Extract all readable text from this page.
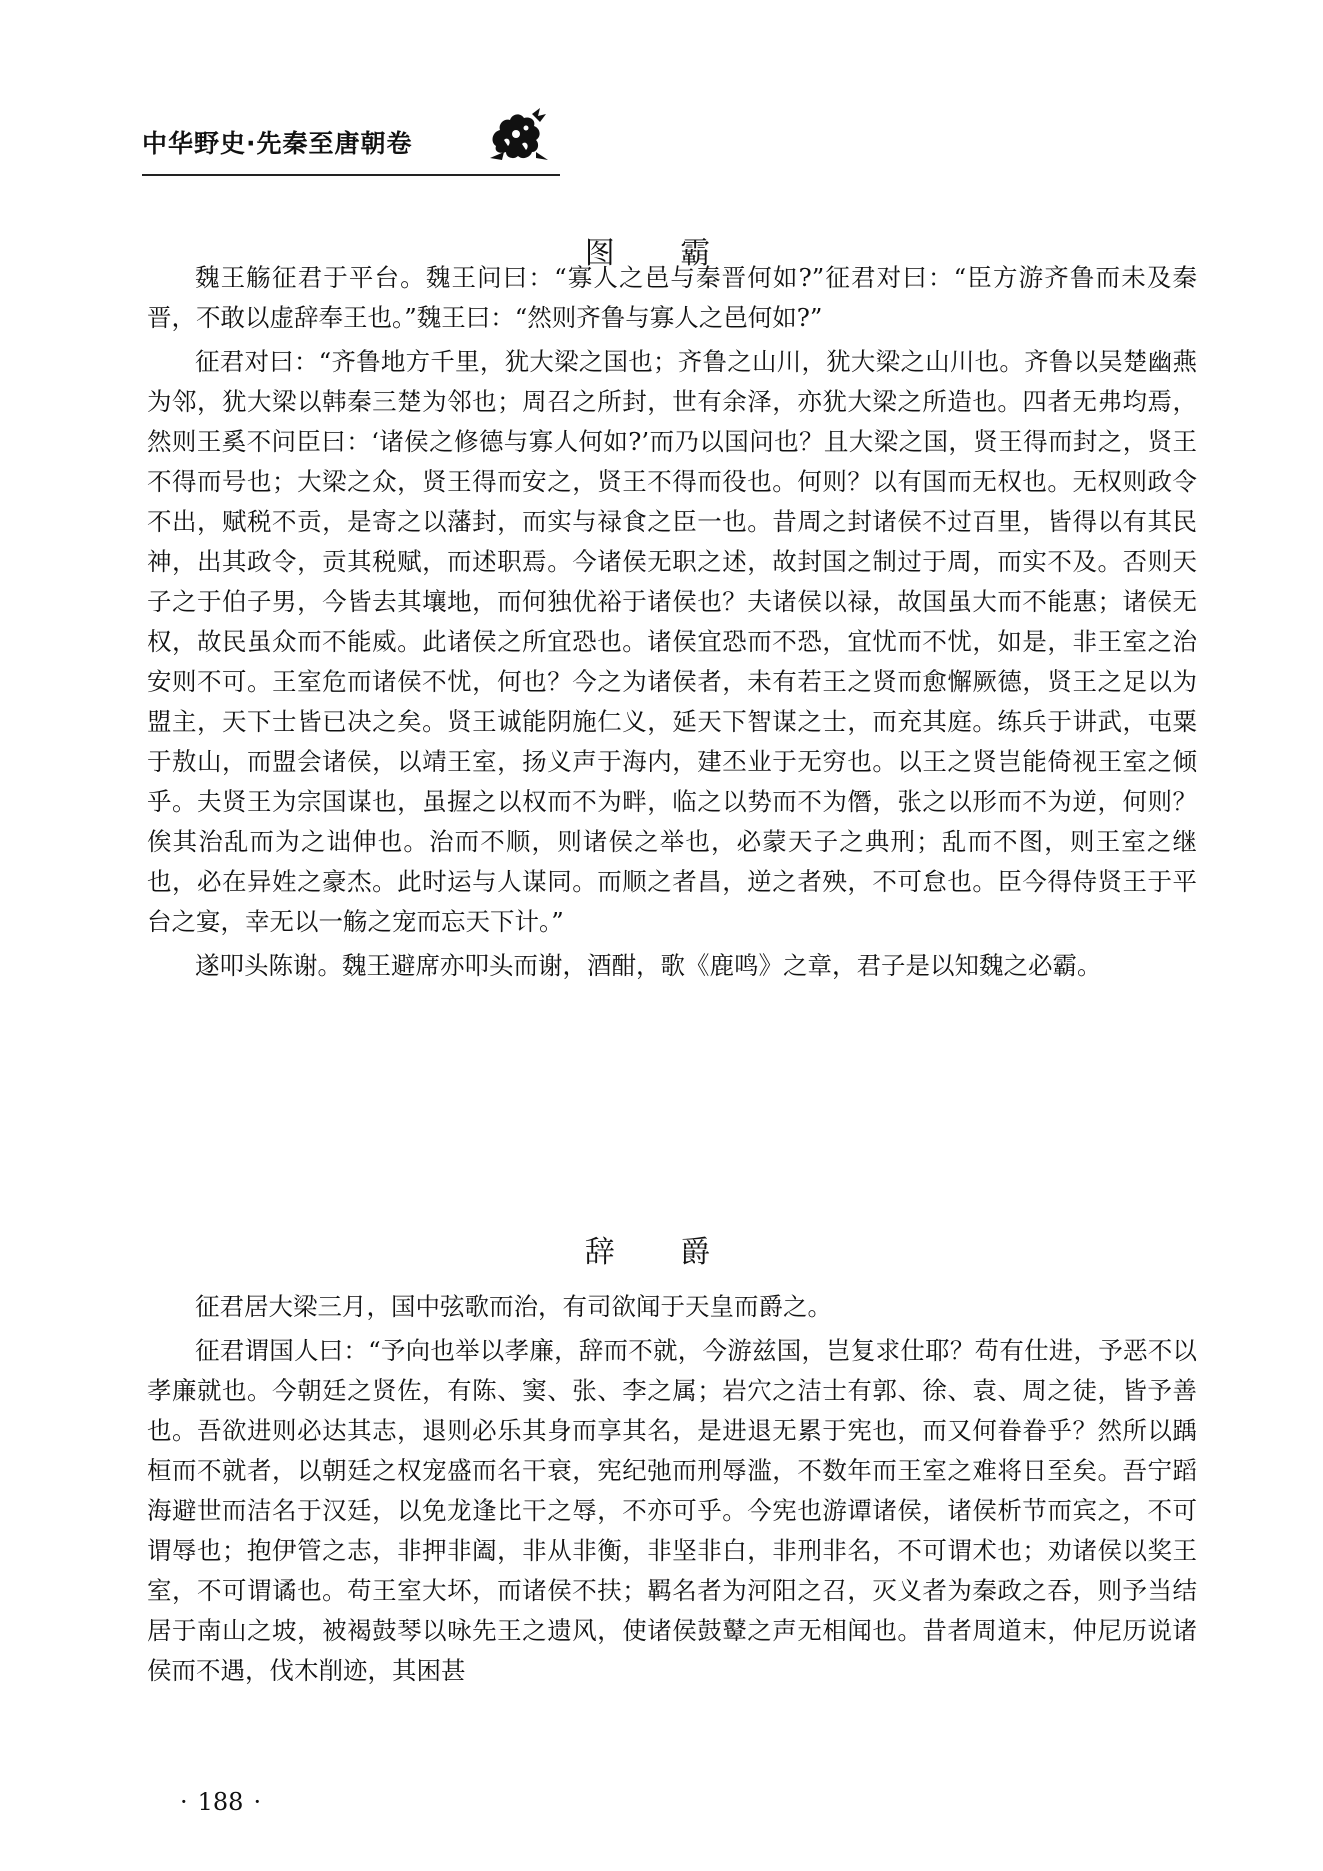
中华野史·先秦至唐朝卷
图 霸

魏王觞征君于平台。魏王问曰：“寡人之邑与秦晋何如?”征君对曰：“臣方游齐鲁而未及秦晋，不敢以虚辞奉王也。”魏王曰：“然则齐鲁与寡人之邑何如?”

征君对曰：“齐鲁地方千里，犹大梁之国也；齐鲁之山川，犹大梁之山川也。齐鲁以吴楚幽燕为邻，犹大梁以韩秦三楚为邻也；周召之所封，世有余泽，亦犹大梁之所造也。四者无弗均焉，然则王奚不问臣曰：‘诸侯之修德与寡人何如?’而乃以国问也？且大梁之国，贤王得而封之，贤王不得而号也；大梁之众，贤王得而安之，贤王不得而役也。何则？以有国而无权也。无权则政令不出，赋税不贡，是寄之以藩封，而实与禄食之臣一也。昔周之封诸侯不过百里，皆得以有其民神，出其政令，贡其税赋，而述职焉。今诸侯无职之述，故封国之制过于周，而实不及。否则天子之于伯子男，今皆去其壤地，而何独优裕于诸侯也？夫诸侯以禄，故国虽大而不能惠；诸侯无权，故民虽众而不能威。此诸侯之所宜恐也。诸侯宜恐而不恐，宜忧而不忧，如是，非王室之治安则不可。王室危而诸侯不忧，何也？今之为诸侯者，未有若王之贤而愈懈厥德，贤王之足以为盟主，天下士皆已决之矣。贤王诚能阴施仁义，延天下智谋之士，而充其庭。练兵于讲武，屯粟于敖山，而盟会诸侯，以靖王室，扬义声于海内，建丕业于无穷也。以王之贤岂能倚视王室之倾乎。夫贤王为宗国谋也，虽握之以权而不为畔，临之以势而不为僭，张之以形而不为逆，何则？俟其治乱而为之诎伸也。治而不顺，则诸侯之举也，必蒙天子之典刑；乱而不图，则王室之继也，必在异姓之豪杰。此时运与人谋同。而顺之者昌，逆之者殃，不可怠也。臣今得侍贤王于平台之宴，幸无以一觞之宠而忘天下计。”

遂叩头陈谢。魏王避席亦叩头而谢，酒酣，歌《鹿鸣》之章，君子是以知魏之必霸。

辞 爵

征君居大梁三月，国中弦歌而治，有司欲闻于天皇而爵之。

征君谓国人曰：“予向也举以孝廉，辞而不就，今游兹国，岂复求仕耶？苟有仕进，予恶不以孝廉就也。今朝廷之贤佐，有陈、窦、张、李之属；岩穴之洁士有郭、徐、袁、周之徒，皆予善也。吾欲进则必达其志，退则必乐其身而享其名，是进退无累于宪也，而又何眷眷乎？然所以踽桓而不就者，以朝廷之权宠盛而名干衰，宪纪弛而刑辱滥，不数年而王室之难将日至矣。吾宁蹈海避世而洁名于汉廷，以免龙逢比干之辱，不亦可乎。今宪也游谭诸侯，诸侯析节而宾之，不可谓辱也；抱伊管之志，非押非阖，非从非衡，非坚非白，非刑非名，不可谓术也；劝诸侯以奖王室，不可谓谲也。苟王室大坏，而诸侯不扶；羁名者为河阳之召，灭义者为秦政之吞，则予当结居于南山之坡，被褐鼓琴以咏先王之遗风，使诸侯鼓鼙之声无相闻也。昔者周道末，仲尼历说诸侯而不遇，伐木削迹，其困甚

· 188 ·
